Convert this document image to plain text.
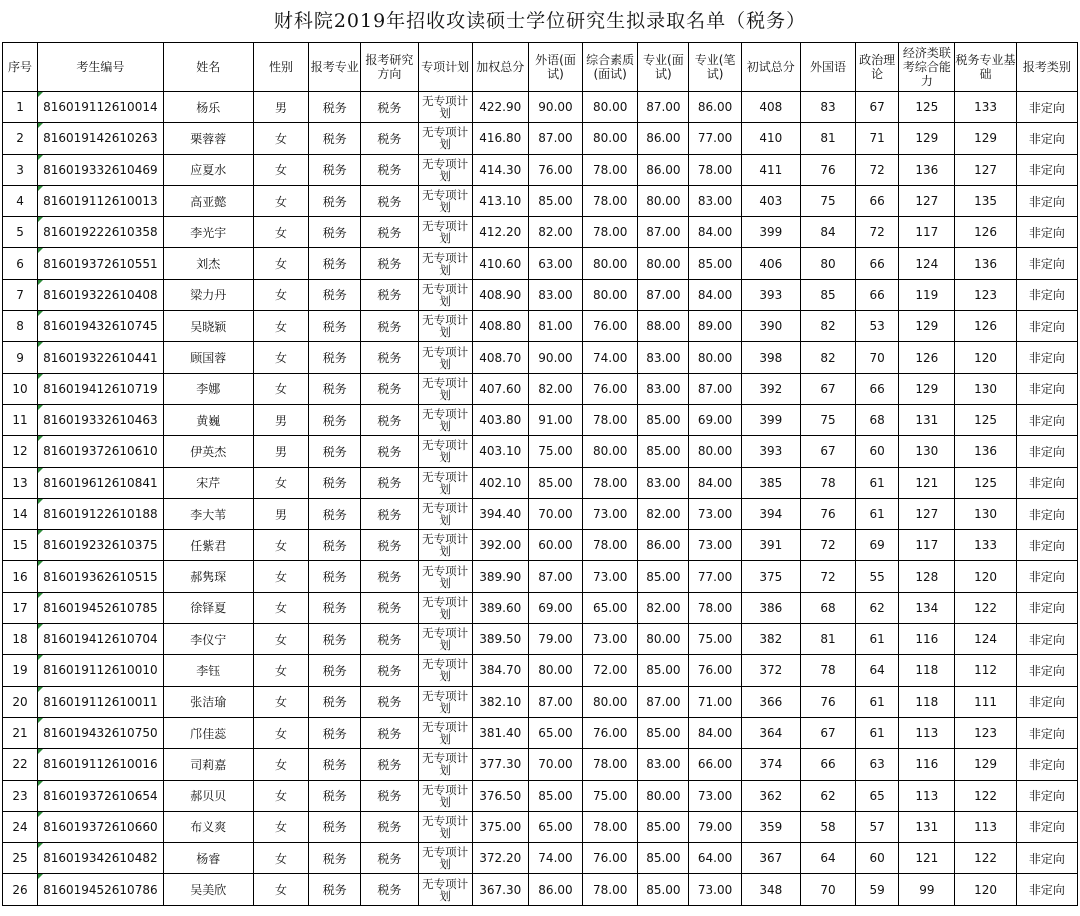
财科院2019年招收攻读硕士学位研究生拟录取名单（税务）
序号	考生编号	姓名	性别	报考专业	报考研究方向	专项计划	加权总分	外语(面试)	综合素质(面试)	专业(面试)	专业(笔试)	初试总分	外国语	政治理论	经济类联考综合能力	税务专业基础	报考类别
1	816019112610014	杨乐	男	税务	税务	无专项计划	422.90	90.00	80.00	87.00	86.00	408	83	67	125	133	非定向
2	816019142610263	栗蓉蓉	女	税务	税务	无专项计划	416.80	87.00	80.00	86.00	77.00	410	81	71	129	129	非定向
3	816019332610469	应夏水	女	税务	税务	无专项计划	414.30	76.00	78.00	86.00	78.00	411	76	72	136	127	非定向
4	816019112610013	高亚懿	女	税务	税务	无专项计划	413.10	85.00	78.00	80.00	83.00	403	75	66	127	135	非定向
5	816019222610358	李光宇	女	税务	税务	无专项计划	412.20	82.00	78.00	87.00	84.00	399	84	72	117	126	非定向
6	816019372610551	刘杰	女	税务	税务	无专项计划	410.60	63.00	80.00	80.00	85.00	406	80	66	124	136	非定向
7	816019322610408	梁力丹	女	税务	税务	无专项计划	408.90	83.00	80.00	87.00	84.00	393	85	66	119	123	非定向
8	816019432610745	吴晓颖	女	税务	税务	无专项计划	408.80	81.00	76.00	88.00	89.00	390	82	53	129	126	非定向
9	816019322610441	顾国蓉	女	税务	税务	无专项计划	408.70	90.00	74.00	83.00	80.00	398	82	70	126	120	非定向
10	816019412610719	李娜	女	税务	税务	无专项计划	407.60	82.00	76.00	83.00	87.00	392	67	66	129	130	非定向
11	816019332610463	黄巍	男	税务	税务	无专项计划	403.80	91.00	78.00	85.00	69.00	399	75	68	131	125	非定向
12	816019372610610	伊英杰	男	税务	税务	无专项计划	403.10	75.00	80.00	85.00	80.00	393	67	60	130	136	非定向
13	816019612610841	宋芹	女	税务	税务	无专项计划	402.10	85.00	78.00	83.00	84.00	385	78	61	121	125	非定向
14	816019122610188	李大苇	男	税务	税务	无专项计划	394.40	70.00	73.00	82.00	73.00	394	76	61	127	130	非定向
15	816019232610375	任紫君	女	税务	税务	无专项计划	392.00	60.00	78.00	86.00	73.00	391	72	69	117	133	非定向
16	816019362610515	郝隽琛	女	税务	税务	无专项计划	389.90	87.00	73.00	85.00	77.00	375	72	55	128	120	非定向
17	816019452610785	徐铎夏	女	税务	税务	无专项计划	389.60	69.00	65.00	82.00	78.00	386	68	62	134	122	非定向
18	816019412610704	李仪宁	女	税务	税务	无专项计划	389.50	79.00	73.00	80.00	75.00	382	81	61	116	124	非定向
19	816019112610010	李钰	女	税务	税务	无专项计划	384.70	80.00	72.00	85.00	76.00	372	78	64	118	112	非定向
20	816019112610011	张洁瑜	女	税务	税务	无专项计划	382.10	87.00	80.00	87.00	71.00	366	76	61	118	111	非定向
21	816019432610750	邝佳蕊	女	税务	税务	无专项计划	381.40	65.00	76.00	85.00	84.00	364	67	61	113	123	非定向
22	816019112610016	司莉嘉	女	税务	税务	无专项计划	377.30	70.00	78.00	83.00	66.00	374	66	63	116	129	非定向
23	816019372610654	郝贝贝	女	税务	税务	无专项计划	376.50	85.00	75.00	80.00	73.00	362	62	65	113	122	非定向
24	816019372610660	布义爽	女	税务	税务	无专项计划	375.00	65.00	78.00	85.00	79.00	359	58	57	131	113	非定向
25	816019342610482	杨睿	女	税务	税务	无专项计划	372.20	74.00	76.00	85.00	64.00	367	64	60	121	122	非定向
26	816019452610786	吴美欣	女	税务	税务	无专项计划	367.30	86.00	78.00	85.00	73.00	348	70	59	99	120	非定向
